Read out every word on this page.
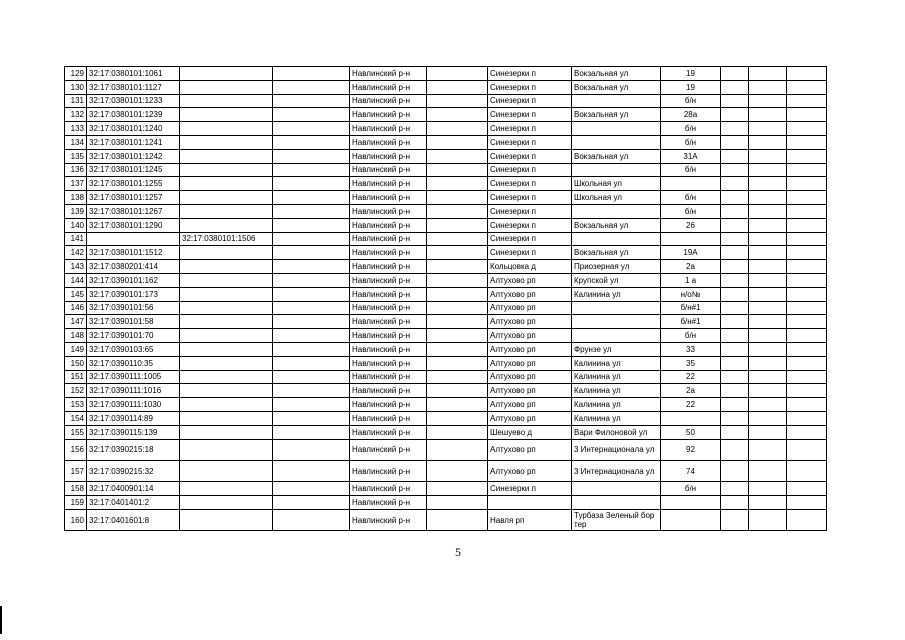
129	32:17:0380101:1061			Навлинский р-н		Синезерки п	Вокзальная ул	19			
130	32:17:0380101:1127			Навлинский р-н		Синезерки п	Вокзальная ул	19			
131	32:17:0380101:1233			Навлинский р-н		Синезерки п		б/н			
132	32:17:0380101:1239			Навлинский р-н		Синезерки п	Вокзальная ул	28а			
133	32:17:0380101:1240			Навлинский р-н		Синезерки п		б/н			
134	32:17:0380101:1241			Навлинский р-н		Синезерки п		б/н			
135	32:17:0380101:1242			Навлинский р-н		Синезерки п	Вокзальная ул	31А			
136	32:17:0380101:1245			Навлинский р-н		Синезерки п		б/н			
137	32:17:0380101:1255			Навлинский р-н		Синезерки п	Школьная ул				
138	32:17:0380101:1257			Навлинский р-н		Синезерки п	Школьная ул	б/н			
139	32:17:0380101:1267			Навлинский р-н		Синезерки п		б/н			
140	32:17:0380101:1290			Навлинский р-н		Синезерки п	Вокзальная ул	26			
141		32:17:0380101:1506		Навлинский р-н		Синезерки п					
142	32:17:0380101:1512			Навлинский р-н		Синезерки п	Вокзальная ул	19А			
143	32:17:0380201:414			Навлинский р-н		Кольцовка д	Приозерная ул	2а			
144	32:17:0390101:162			Навлинский р-н		Алтухово рп	Крупской ул	1 а			
145	32:17:0390101:173			Навлинский р-н		Алтухово рп	Калинина ул	н/о№			
146	32:17:0390101:56			Навлинский р-н		Алтухово рп		б/н#1			
147	32:17:0390101:58			Навлинский р-н		Алтухово рп		б/н#1			
148	32:17:0390101:70			Навлинский р-н		Алтухово рп		б/н			
149	32:17:0390103:65			Навлинский р-н		Алтухово рп	Фрунзе ул	33			
150	32:17:0390110:35			Навлинский р-н		Алтухово рп	Калинина ул	35			
151	32:17:0390111:1005			Навлинский р-н		Алтухово рп	Калинина ул	22			
152	32:17:0390111:1016			Навлинский р-н		Алтухово рп	Калинина ул	2а			
153	32:17:0390111:1030			Навлинский р-н		Алтухово рп	Калинина ул	22			
154	32:17:0390114:89			Навлинский р-н		Алтухово рп	Калинина ул				
155	32:17:0390115:139			Навлинский р-н		Шешуево д	Вари Филоновой ул	50			
156	32:17:0390215:18			Навлинский р-н		Алтухово рп	3 Интернационала ул	92			
157	32:17:0390215:32			Навлинский р-н		Алтухово рп	3 Интернационала ул	74			
158	32:17:0400901:14			Навлинский р-н		Синезерки п		б/н			
159	32:17:0401401:2			Навлинский р-н							
160	32:17:0401601:8			Навлинский р-н		Навля рп	Турбаза Зеленый бор тер				
5
